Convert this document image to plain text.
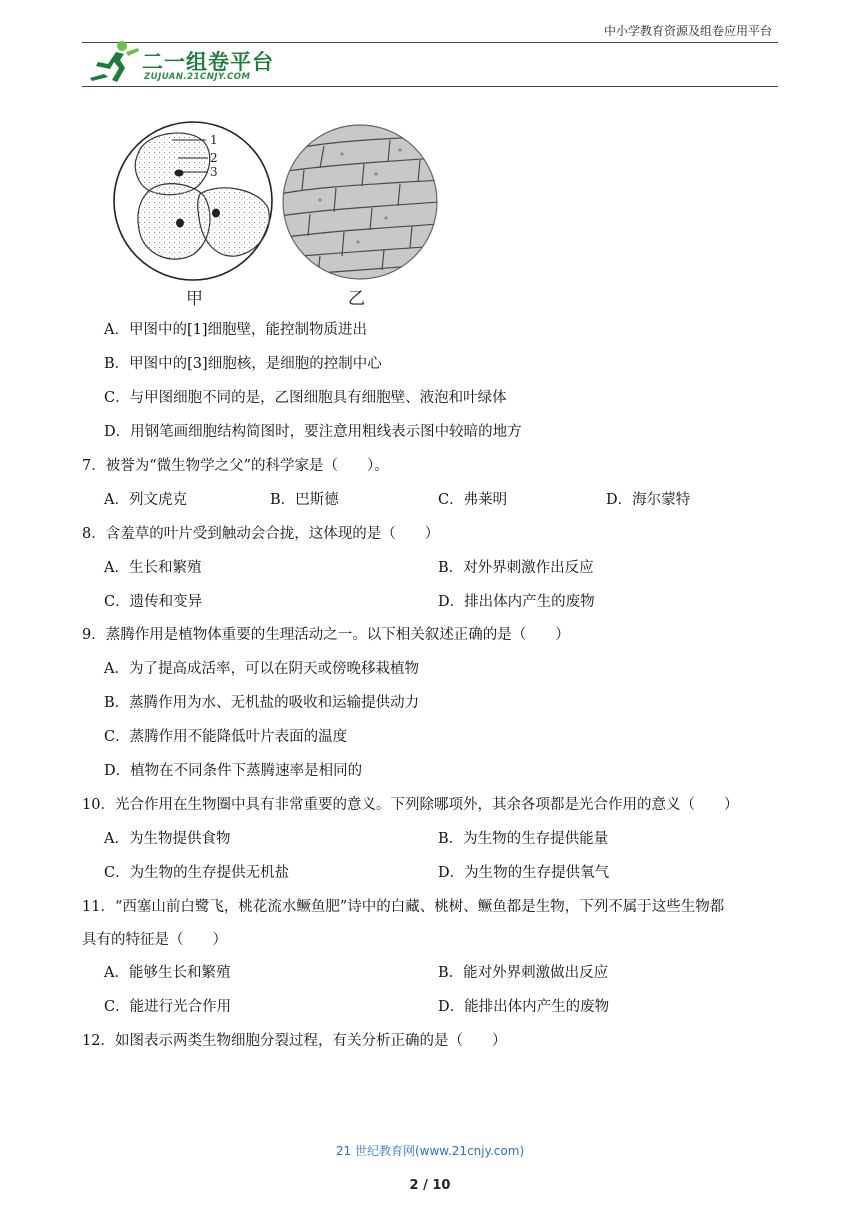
中小学教育资源及组卷应用平台
二一组卷平台
ZUJUAN.21CNJY.COM
1
2
3
甲	乙
A．甲图中的[1]细胞壁，能控制物质进出
B．甲图中的[3]细胞核，是细胞的控制中心
C．与甲图细胞不同的是，乙图细胞具有细胞壁、液泡和叶绿体
D．用钢笔画细胞结构简图时，要注意用粗线表示图中较暗的地方
7．被誉为“微生物学之父”的科学家是（　　）。
A．列文虎克	B．巴斯德	C．弗莱明	D．海尔蒙特
8．含羞草的叶片受到触动会合拢，这体现的是（　　）
A．生长和繁殖	B．对外界刺激作出反应
C．遗传和变异	D．排出体内产生的废物
9．蒸腾作用是植物体重要的生理活动之一。以下相关叙述正确的是（　　）
A．为了提高成活率，可以在阴天或傍晚移栽植物
B．蒸腾作用为水、无机盐的吸收和运输提供动力
C．蒸腾作用不能降低叶片表面的温度
D．植物在不同条件下蒸腾速率是相同的
10．光合作用在生物圈中具有非常重要的意义。下列除哪项外，其余各项都是光合作用的意义（　　）
A．为生物提供食物	B．为生物的生存提供能量
C．为生物的生存提供无机盐	D．为生物的生存提供氧气
11．“西塞山前白鹭飞，桃花流水鳜鱼肥”诗中的白藏、桃树、鳜鱼都是生物，下列不属于这些生物都
具有的特征是（　　）
A．能够生长和繁殖	B．能对外界刺激做出反应
C．能进行光合作用	D．能排出体内产生的废物
12．如图表示两类生物细胞分裂过程，有关分析正确的是（　　）
21 世纪教育网(www.21cnjy.com)
2 / 10
